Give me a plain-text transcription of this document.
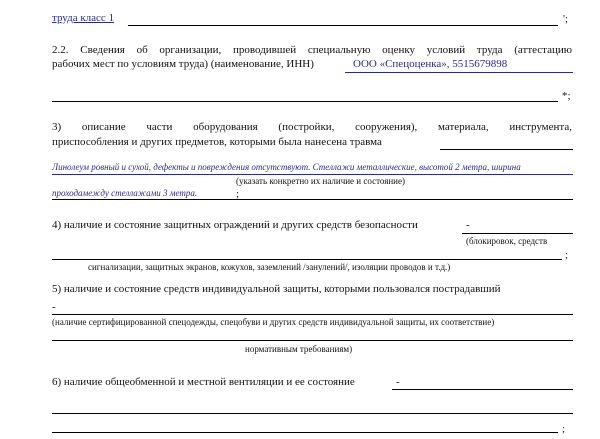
труда класс 1	';
2.2. Сведения об организации, проводившей специальную оценку условий труда (аттестацию
рабочих мест по условиям труда) (наименование, ИНН)	ООО «Спецоценка», 5515679898
*;
3) описание части оборудования (постройки, сооружения), материала, инструмента,
приспособления и других предметов, которыми была нанесена травма
Линолеум ровный и сухой, дефекты и повреждения отсутствуют. Стеллажи металлические, высотой 2 метра, ширина
(указать конкретно их наличие и состояние)
проходамежду стеллажами 3 метра.	;
4) наличие и состояние защитных ограждений и других средств безопасности	-
(блокировок, средств
;
сигнализации, защитных экранов, кожухов, заземлений /занулений/, изоляции проводов и т.д.)
5) наличие и состояние средств индивидуальной защиты, которыми пользовался пострадавший
-
(наличие сертифицированной спецодежды, спецобуви и других средств индивидуальной защиты, их соответствие)
нормативным требованиям)
6) наличие общеобменной и местной вентиляции и ее состояние	-
;
